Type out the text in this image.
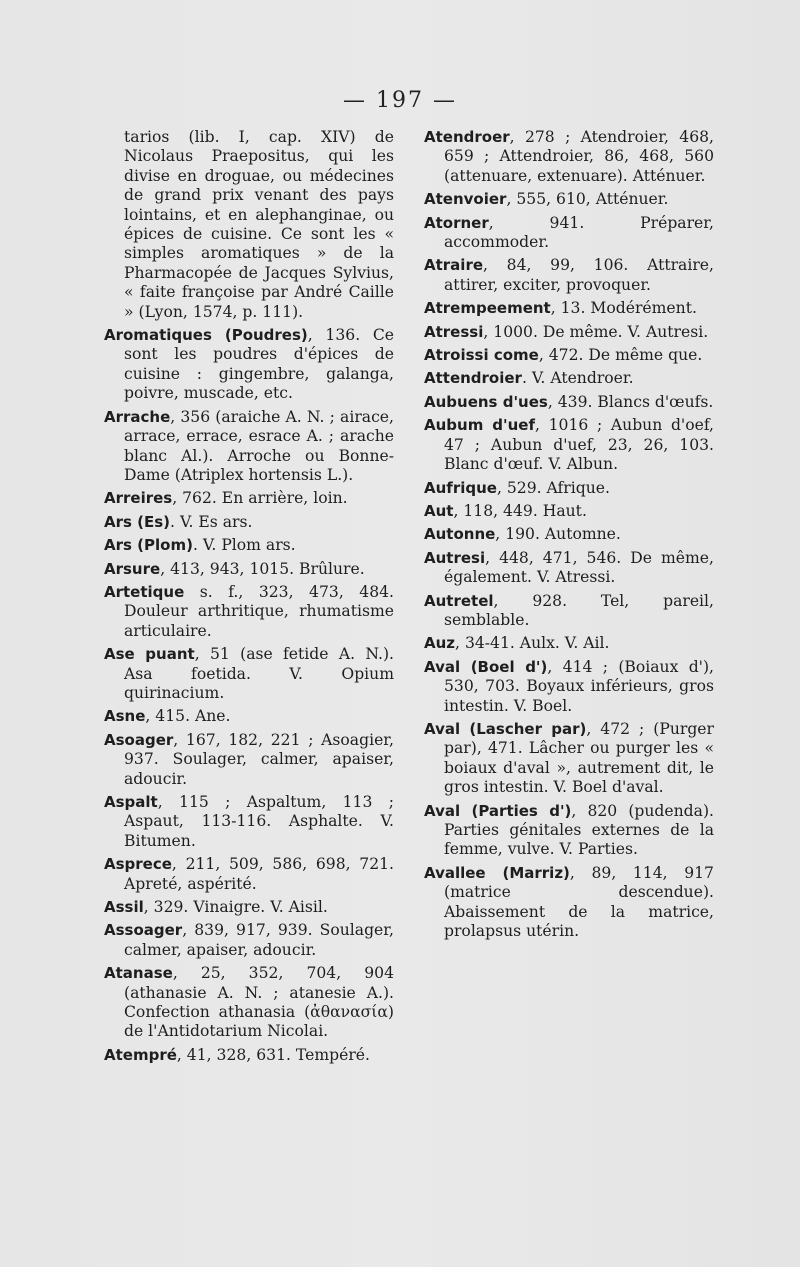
— 197 —

tarios (lib. I, cap. XIV) de Nicolaus Praepositus, qui les divise en droguae, ou médecines de grand prix venant des pays lointains, et en alephanginae, ou épices de cuisine. Ce sont les « simples aromatiques » de la Pharmacopée de Jacques Sylvius, « faite françoise par André Caille » (Lyon, 1574, p. 111).

Aromatiques (Poudres), 136. Ce sont les poudres d'épices de cuisine : gingembre, galanga, poivre, muscade, etc.

Arrache, 356 (araiche A. N. ; airace, arrace, errace, esrace A. ; arache blanc Al.). Arroche ou Bonne-Dame (Atriplex hortensis L.).

Arreires, 762. En arrière, loin.

Ars (Es). V. Es ars.

Ars (Plom). V. Plom ars.

Arsure, 413, 943, 1015. Brûlure.

Artetique s. f., 323, 473, 484. Douleur arthritique, rhumatisme articulaire.

Ase puant, 51 (ase fetide A. N.). Asa foetida. V. Opium quirinacium.

Asne, 415. Ane.

Asoager, 167, 182, 221 ; Asoagier, 937. Soulager, calmer, apaiser, adoucir.

Aspalt, 115 ; Aspaltum, 113 ; Aspaut, 113-116. Asphalte. V. Bitumen.

Asprece, 211, 509, 586, 698, 721. Apreté, aspérité.

Assil, 329. Vinaigre. V. Aisil.

Assoager, 839, 917, 939. Soulager, calmer, apaiser, adoucir.

Atanase, 25, 352, 704, 904 (athanasie A. N. ; atanesie A.). Confection athanasia (ἀθανασία) de l'Antidotarium Nicolai.

Atempré, 41, 328, 631. Tempéré.

Atendroer, 278 ; Atendroier, 468, 659 ; Attendroier, 86, 468, 560 (attenuare, extenuare). Atténuer.

Atenvoier, 555, 610, Atténuer.

Atorner, 941. Préparer, accommoder.

Atraire, 84, 99, 106. Attraire, attirer, exciter, provoquer.

Atrempeement, 13. Modérément.

Atressi, 1000. De même. V. Autresi.

Atroissi come, 472. De même que.

Attendroier. V. Atendroer.

Aubuens d'ues, 439. Blancs d'œufs.

Aubum d'uef, 1016 ; Aubun d'oef, 47 ; Aubun d'uef, 23, 26, 103. Blanc d'œuf. V. Albun.

Aufrique, 529. Afrique.

Aut, 118, 449. Haut.

Autonne, 190. Automne.

Autresi, 448, 471, 546. De même, également. V. Atressi.

Autretel, 928. Tel, pareil, semblable.

Auz, 34-41. Aulx. V. Ail.

Aval (Boel d'), 414 ; (Boiaux d'), 530, 703. Boyaux inférieurs, gros intestin. V. Boel.

Aval (Lascher par), 472 ; (Purger par), 471. Lâcher ou purger les « boiaux d'aval », autrement dit, le gros intestin. V. Boel d'aval.

Aval (Parties d'), 820 (pudenda). Parties génitales externes de la femme, vulve. V. Parties.

Avallee (Marriz), 89, 114, 917 (matrice descendue). Abaissement de la matrice, prolapsus utérin.
